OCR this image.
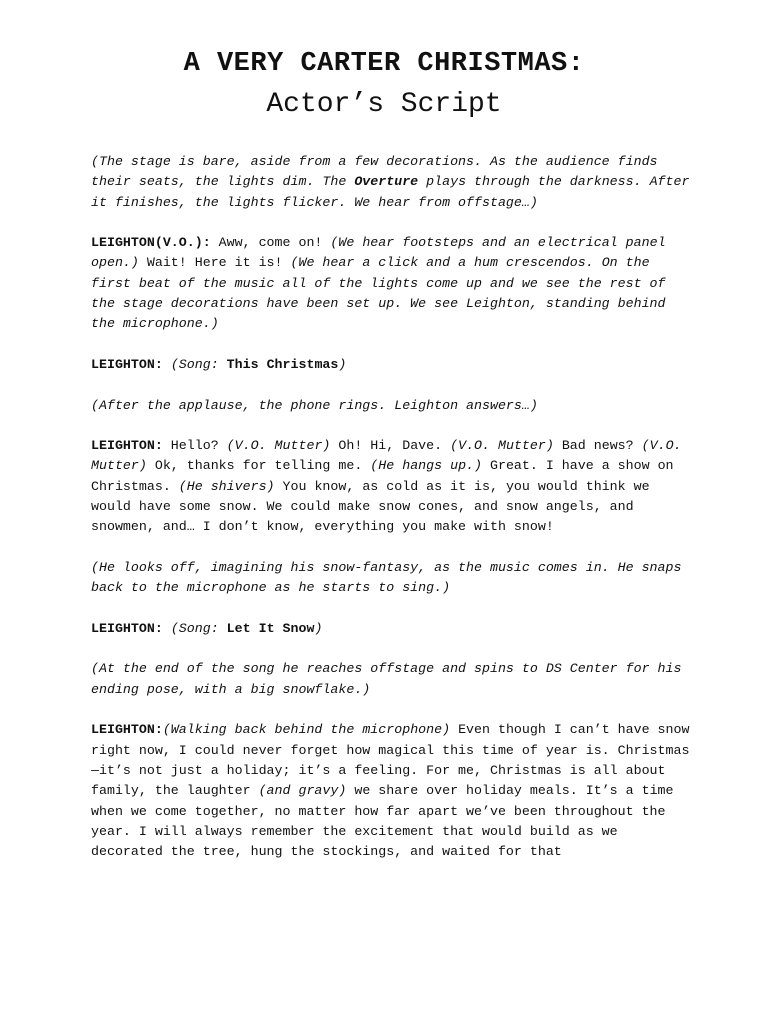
A VERY CARTER CHRISTMAS:
Actor’s Script

(The stage is bare, aside from a few decorations. As the audience finds their seats, the lights dim. The Overture plays through the darkness. After it finishes, the lights flicker. We hear from offstage…)

LEIGHTON(V.O.): Aww, come on! (We hear footsteps and an electrical panel open.) Wait! Here it is! (We hear a click and a hum crescendos. On the first beat of the music all of the lights come up and we see the rest of the stage decorations have been set up. We see Leighton, standing behind the microphone.)

LEIGHTON: (Song: This Christmas)

(After the applause, the phone rings. Leighton answers…)

LEIGHTON: Hello? (V.O. Mutter) Oh! Hi, Dave. (V.O. Mutter) Bad news? (V.O. Mutter) Ok, thanks for telling me. (He hangs up.) Great. I have a show on Christmas. (He shivers) You know, as cold as it is, you would think we would have some snow. We could make snow cones, and snow angels, and snowmen, and… I don’t know, everything you make with snow!

(He looks off, imagining his snow-fantasy, as the music comes in. He snaps back to the microphone as he starts to sing.)

LEIGHTON: (Song: Let It Snow)

(At the end of the song he reaches offstage and spins to DS Center for his ending pose, with a big snowflake.)

LEIGHTON:(Walking back behind the microphone) Even though I can’t have snow right now, I could never forget how magical this time of year is. Christmas—it’s not just a holiday; it’s a feeling. For me, Christmas is all about family, the laughter (and gravy) we share over holiday meals. It’s a time when we come together, no matter how far apart we’ve been throughout the year. I will always remember the excitement that would build as we decorated the tree, hung the stockings, and waited for that
